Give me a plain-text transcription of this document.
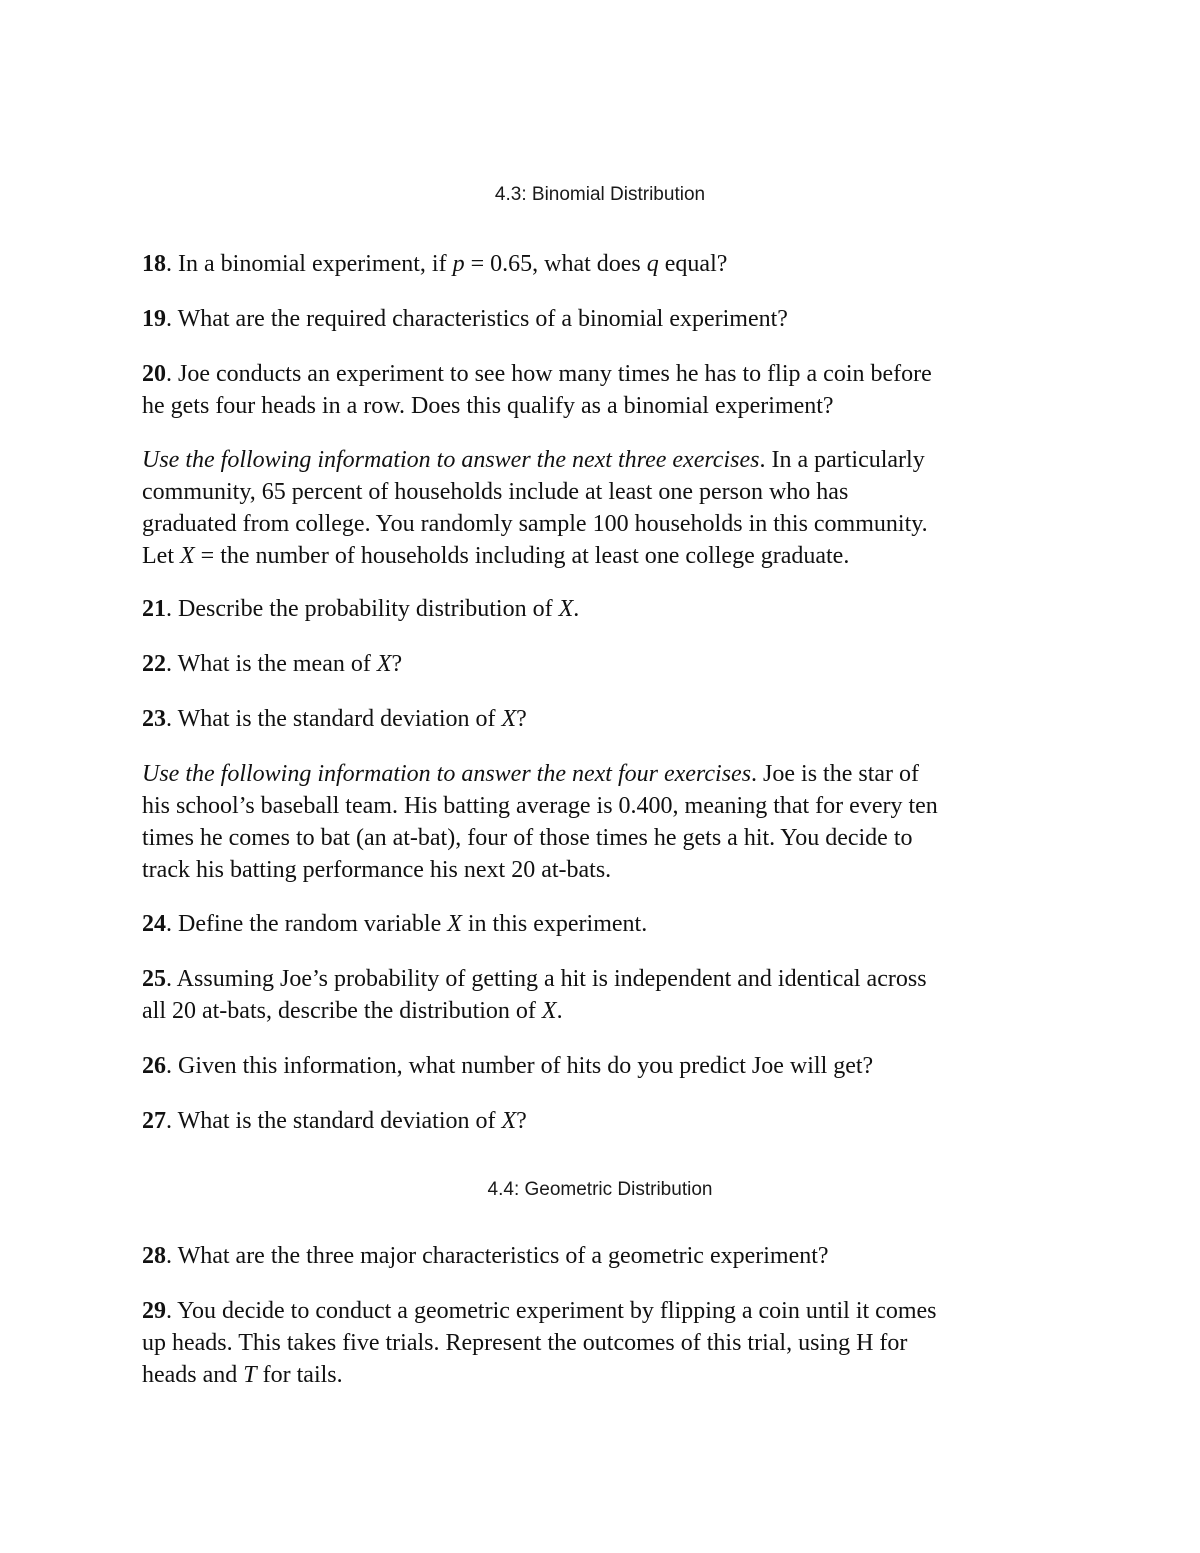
4.3: Binomial Distribution
18. In a binomial experiment, if p = 0.65, what does q equal?
19. What are the required characteristics of a binomial experiment?
20. Joe conducts an experiment to see how many times he has to flip a coin before
he gets four heads in a row. Does this qualify as a binomial experiment?
Use the following information to answer the next three exercises. In a particularly
community, 65 percent of households include at least one person who has
graduated from college. You randomly sample 100 households in this community.
Let X = the number of households including at least one college graduate.
21. Describe the probability distribution of X.
22. What is the mean of X?
23. What is the standard deviation of X?
Use the following information to answer the next four exercises. Joe is the star of
his school’s baseball team. His batting average is 0.400, meaning that for every ten
times he comes to bat (an at-bat), four of those times he gets a hit. You decide to
track his batting performance his next 20 at-bats.
24. Define the random variable X in this experiment.
25. Assuming Joe’s probability of getting a hit is independent and identical across
all 20 at-bats, describe the distribution of X.
26. Given this information, what number of hits do you predict Joe will get?
27. What is the standard deviation of X?
4.4: Geometric Distribution
28. What are the three major characteristics of a geometric experiment?
29. You decide to conduct a geometric experiment by flipping a coin until it comes
up heads. This takes five trials. Represent the outcomes of this trial, using H for
heads and T for tails.
